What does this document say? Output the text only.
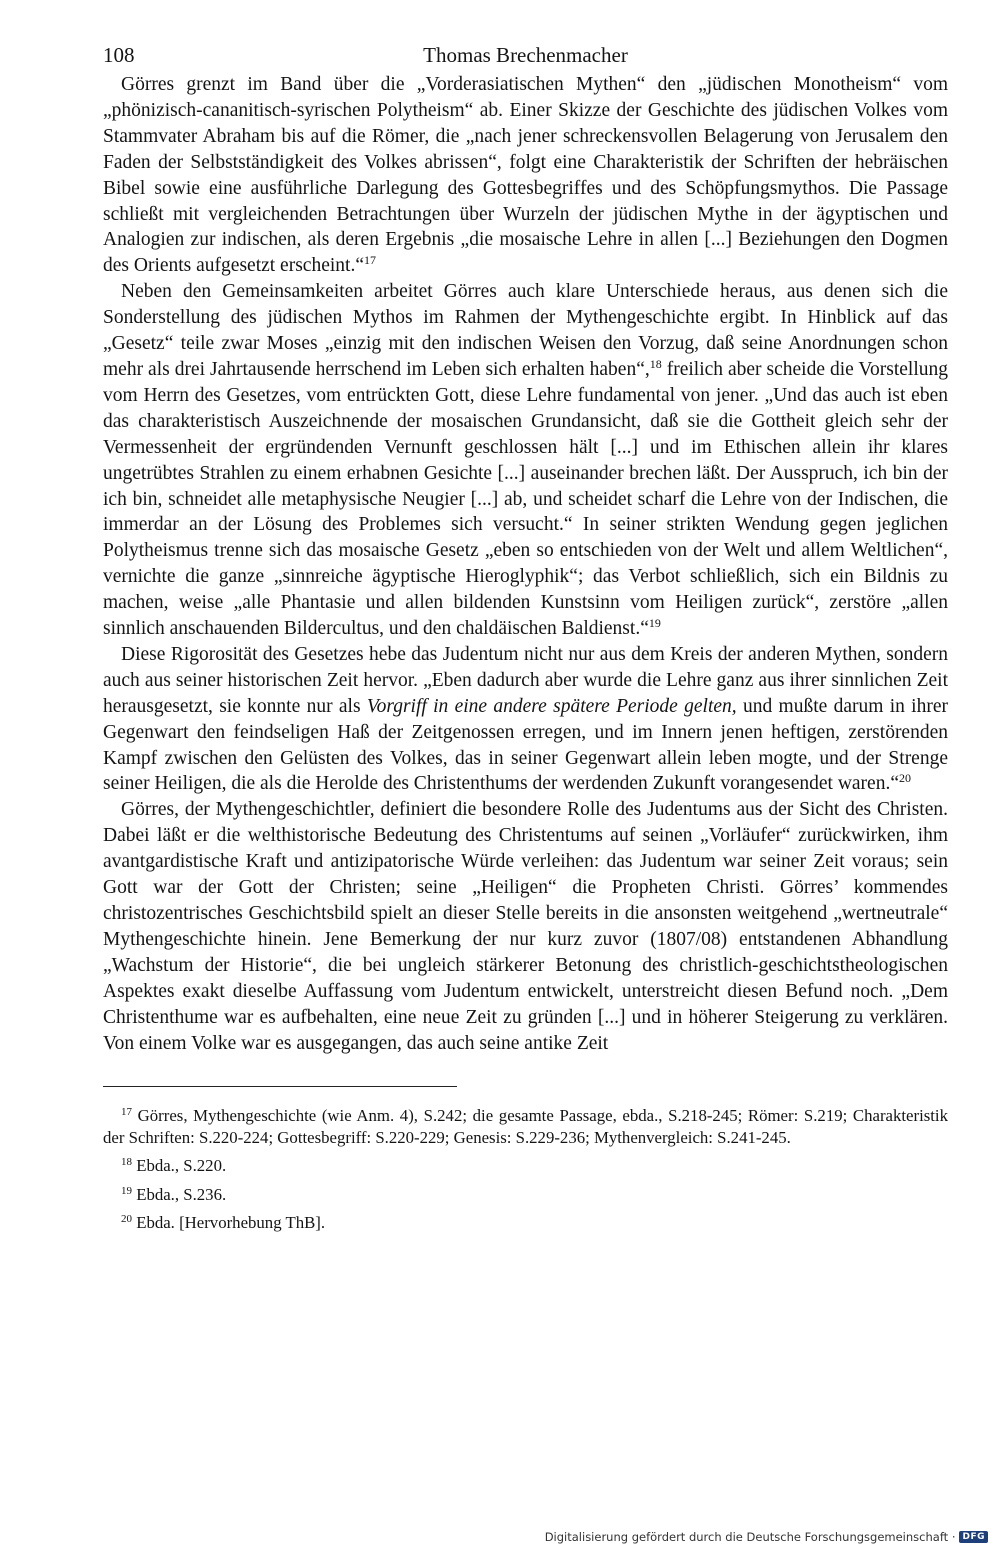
108	Thomas Brechenmacher

Görres grenzt im Band über die „Vorderasiatischen Mythen“ den „jüdischen Monotheism“ vom „phönizisch-cananitisch-syrischen Polytheism“ ab. Einer Skizze der Geschichte des jüdischen Volkes vom Stammvater Abraham bis auf die Römer, die „nach jener schreckensvollen Belagerung von Jerusalem den Faden der Selbstständigkeit des Volkes abrissen“, folgt eine Charakteristik der Schriften der hebräischen Bibel sowie eine ausführliche Darlegung des Gottesbegriffes und des Schöpfungsmythos. Die Passage schließt mit vergleichenden Betrachtungen über Wurzeln der jüdischen Mythe in der ägyptischen und Analogien zur indischen, als deren Ergebnis „die mosaische Lehre in allen [...] Beziehungen den Dogmen des Orients aufgesetzt erscheint.“$^{17}$

Neben den Gemeinsamkeiten arbeitet Görres auch klare Unterschiede heraus, aus denen sich die Sonderstellung des jüdischen Mythos im Rahmen der Mythengeschichte ergibt. In Hinblick auf das „Gesetz“ teile zwar Moses „einzig mit den indischen Weisen den Vorzug, daß seine Anordnungen schon mehr als drei Jahrtausende herrschend im Leben sich erhalten haben“,$^{18}$ freilich aber scheide die Vorstellung vom Herrn des Gesetzes, vom entrückten Gott, diese Lehre fundamental von jener. „Und das auch ist eben das charakteristisch Auszeichnende der mosaischen Grundansicht, daß sie die Gottheit gleich sehr der Vermessenheit der ergründenden Vernunft geschlossen hält [...] und im Ethischen allein ihr klares ungetrübtes Strahlen zu einem erhabnen Gesichte [...] auseinander brechen läßt. Der Ausspruch, ich bin der ich bin, schneidet alle metaphysische Neugier [...] ab, und scheidet scharf die Lehre von der Indischen, die immerdar an der Lösung des Problemes sich versucht.“ In seiner strikten Wendung gegen jeglichen Polytheismus trenne sich das mosaische Gesetz „eben so entschieden von der Welt und allem Weltlichen“, vernichte die ganze „sinnreiche ägyptische Hieroglyphik“; das Verbot schließlich, sich ein Bildnis zu machen, weise „alle Phantasie und allen bildenden Kunstsinn vom Heiligen zurück“, zerstöre „allen sinnlich anschauenden Bildercultus, und den chaldäischen Baldienst.“$^{19}$

Diese Rigorosität des Gesetzes hebe das Judentum nicht nur aus dem Kreis der anderen Mythen, sondern auch aus seiner historischen Zeit hervor. „Eben dadurch aber wurde die Lehre ganz aus ihrer sinnlichen Zeit herausgesetzt, sie konnte nur als Vorgriff in eine andere spätere Periode gelten, und mußte darum in ihrer Gegenwart den feindseligen Haß der Zeitgenossen erregen, und im Innern jenen heftigen, zerstörenden Kampf zwischen den Gelüsten des Volkes, das in seiner Gegenwart allein leben mogte, und der Strenge seiner Heiligen, die als die Herolde des Christenthums der werdenden Zukunft vorangesendet waren.“$^{20}$

Görres, der Mythengeschichtler, definiert die besondere Rolle des Judentums aus der Sicht des Christen. Dabei läßt er die welthistorische Bedeutung des Christentums auf seinen „Vorläufer“ zurückwirken, ihm avantgardistische Kraft und antizipatorische Würde verleihen: das Judentum war seiner Zeit voraus; sein Gott war der Gott der Christen; seine „Heiligen“ die Propheten Christi. Görres’ kommendes christozentrisches Geschichtsbild spielt an dieser Stelle bereits in die ansonsten weitgehend „wertneutrale“ Mythengeschichte hinein. Jene Bemerkung der nur kurz zuvor (1807/08) entstandenen Abhandlung „Wachstum der Historie“, die bei ungleich stärkerer Betonung des christlich-geschichtstheologischen Aspektes exakt dieselbe Auffassung vom Judentum entwickelt, unterstreicht diesen Befund noch. „Dem Christenthume war es aufbehalten, eine neue Zeit zu gründen [...] und in höherer Steigerung zu verklären. Von einem Volke war es ausgegangen, das auch seine antike Zeit

$^{17}$ Görres, Mythengeschichte (wie Anm. 4), S.242; die gesamte Passage, ebda., S.218-245; Römer: S.219; Charakteristik der Schriften: S.220-224; Gottesbegriff: S.220-229; Genesis: S.229-236; Mythenvergleich: S.241-245.

$^{18}$ Ebda., S.220.

$^{19}$ Ebda., S.236.

$^{20}$ Ebda. [Hervorhebung ThB].

Digitalisierung gefördert durch die Deutsche Forschungsgemeinschaft · DFG
